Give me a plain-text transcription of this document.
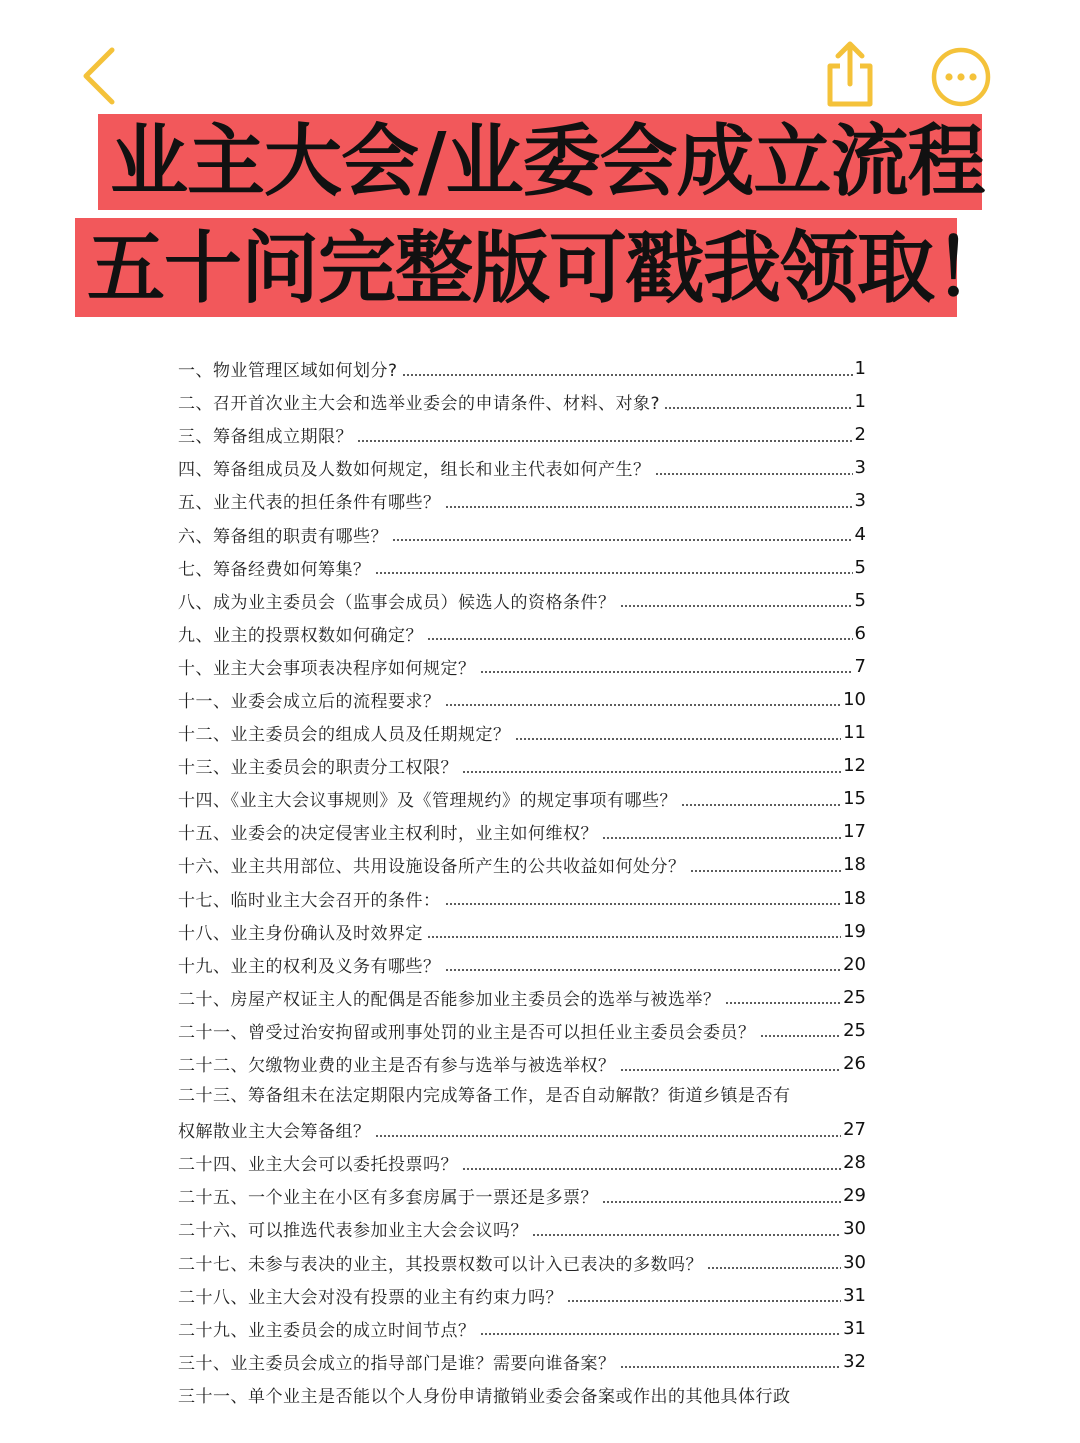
业主大会/业委会成立流程
五十问完整版可戳我领取！
一、物业管理区域如何划分?	1
二、召开首次业主大会和选举业委会的申请条件、材料、对象?	1
三、筹备组成立期限？	2
四、筹备组成员及人数如何规定，组长和业主代表如何产生？	3
五、业主代表的担任条件有哪些？	3
六、筹备组的职责有哪些？	4
七、筹备经费如何筹集？	5
八、成为业主委员会（监事会成员）候选人的资格条件？	5
九、业主的投票权数如何确定？	6
十、业主大会事项表决程序如何规定？	7
十一、业委会成立后的流程要求？	10
十二、业主委员会的组成人员及任期规定？	11
十三、业主委员会的职责分工权限？	12
十四、《业主大会议事规则》及《管理规约》的规定事项有哪些？	15
十五、业委会的决定侵害业主权利时，业主如何维权？	17
十六、业主共用部位、共用设施设备所产生的公共收益如何处分？	18
十七、临时业主大会召开的条件：	18
十八、业主身份确认及时效界定	19
十九、业主的权利及义务有哪些？	20
二十、房屋产权证主人的配偶是否能参加业主委员会的选举与被选举？	25
二十一、曾受过治安拘留或刑事处罚的业主是否可以担任业主委员会委员？	25
二十二、欠缴物业费的业主是否有参与选举与被选举权？	26
二十三、筹备组未在法定期限内完成筹备工作，是否自动解散？街道乡镇是否有
权解散业主大会筹备组？	27
二十四、业主大会可以委托投票吗？	28
二十五、一个业主在小区有多套房属于一票还是多票？	29
二十六、可以推选代表参加业主大会会议吗？	30
二十七、未参与表决的业主，其投票权数可以计入已表决的多数吗？	30
二十八、业主大会对没有投票的业主有约束力吗？	31
二十九、业主委员会的成立时间节点？	31
三十、业主委员会成立的指导部门是谁？需要向谁备案？	32
三十一、单个业主是否能以个人身份申请撤销业委会备案或作出的其他具体行政
